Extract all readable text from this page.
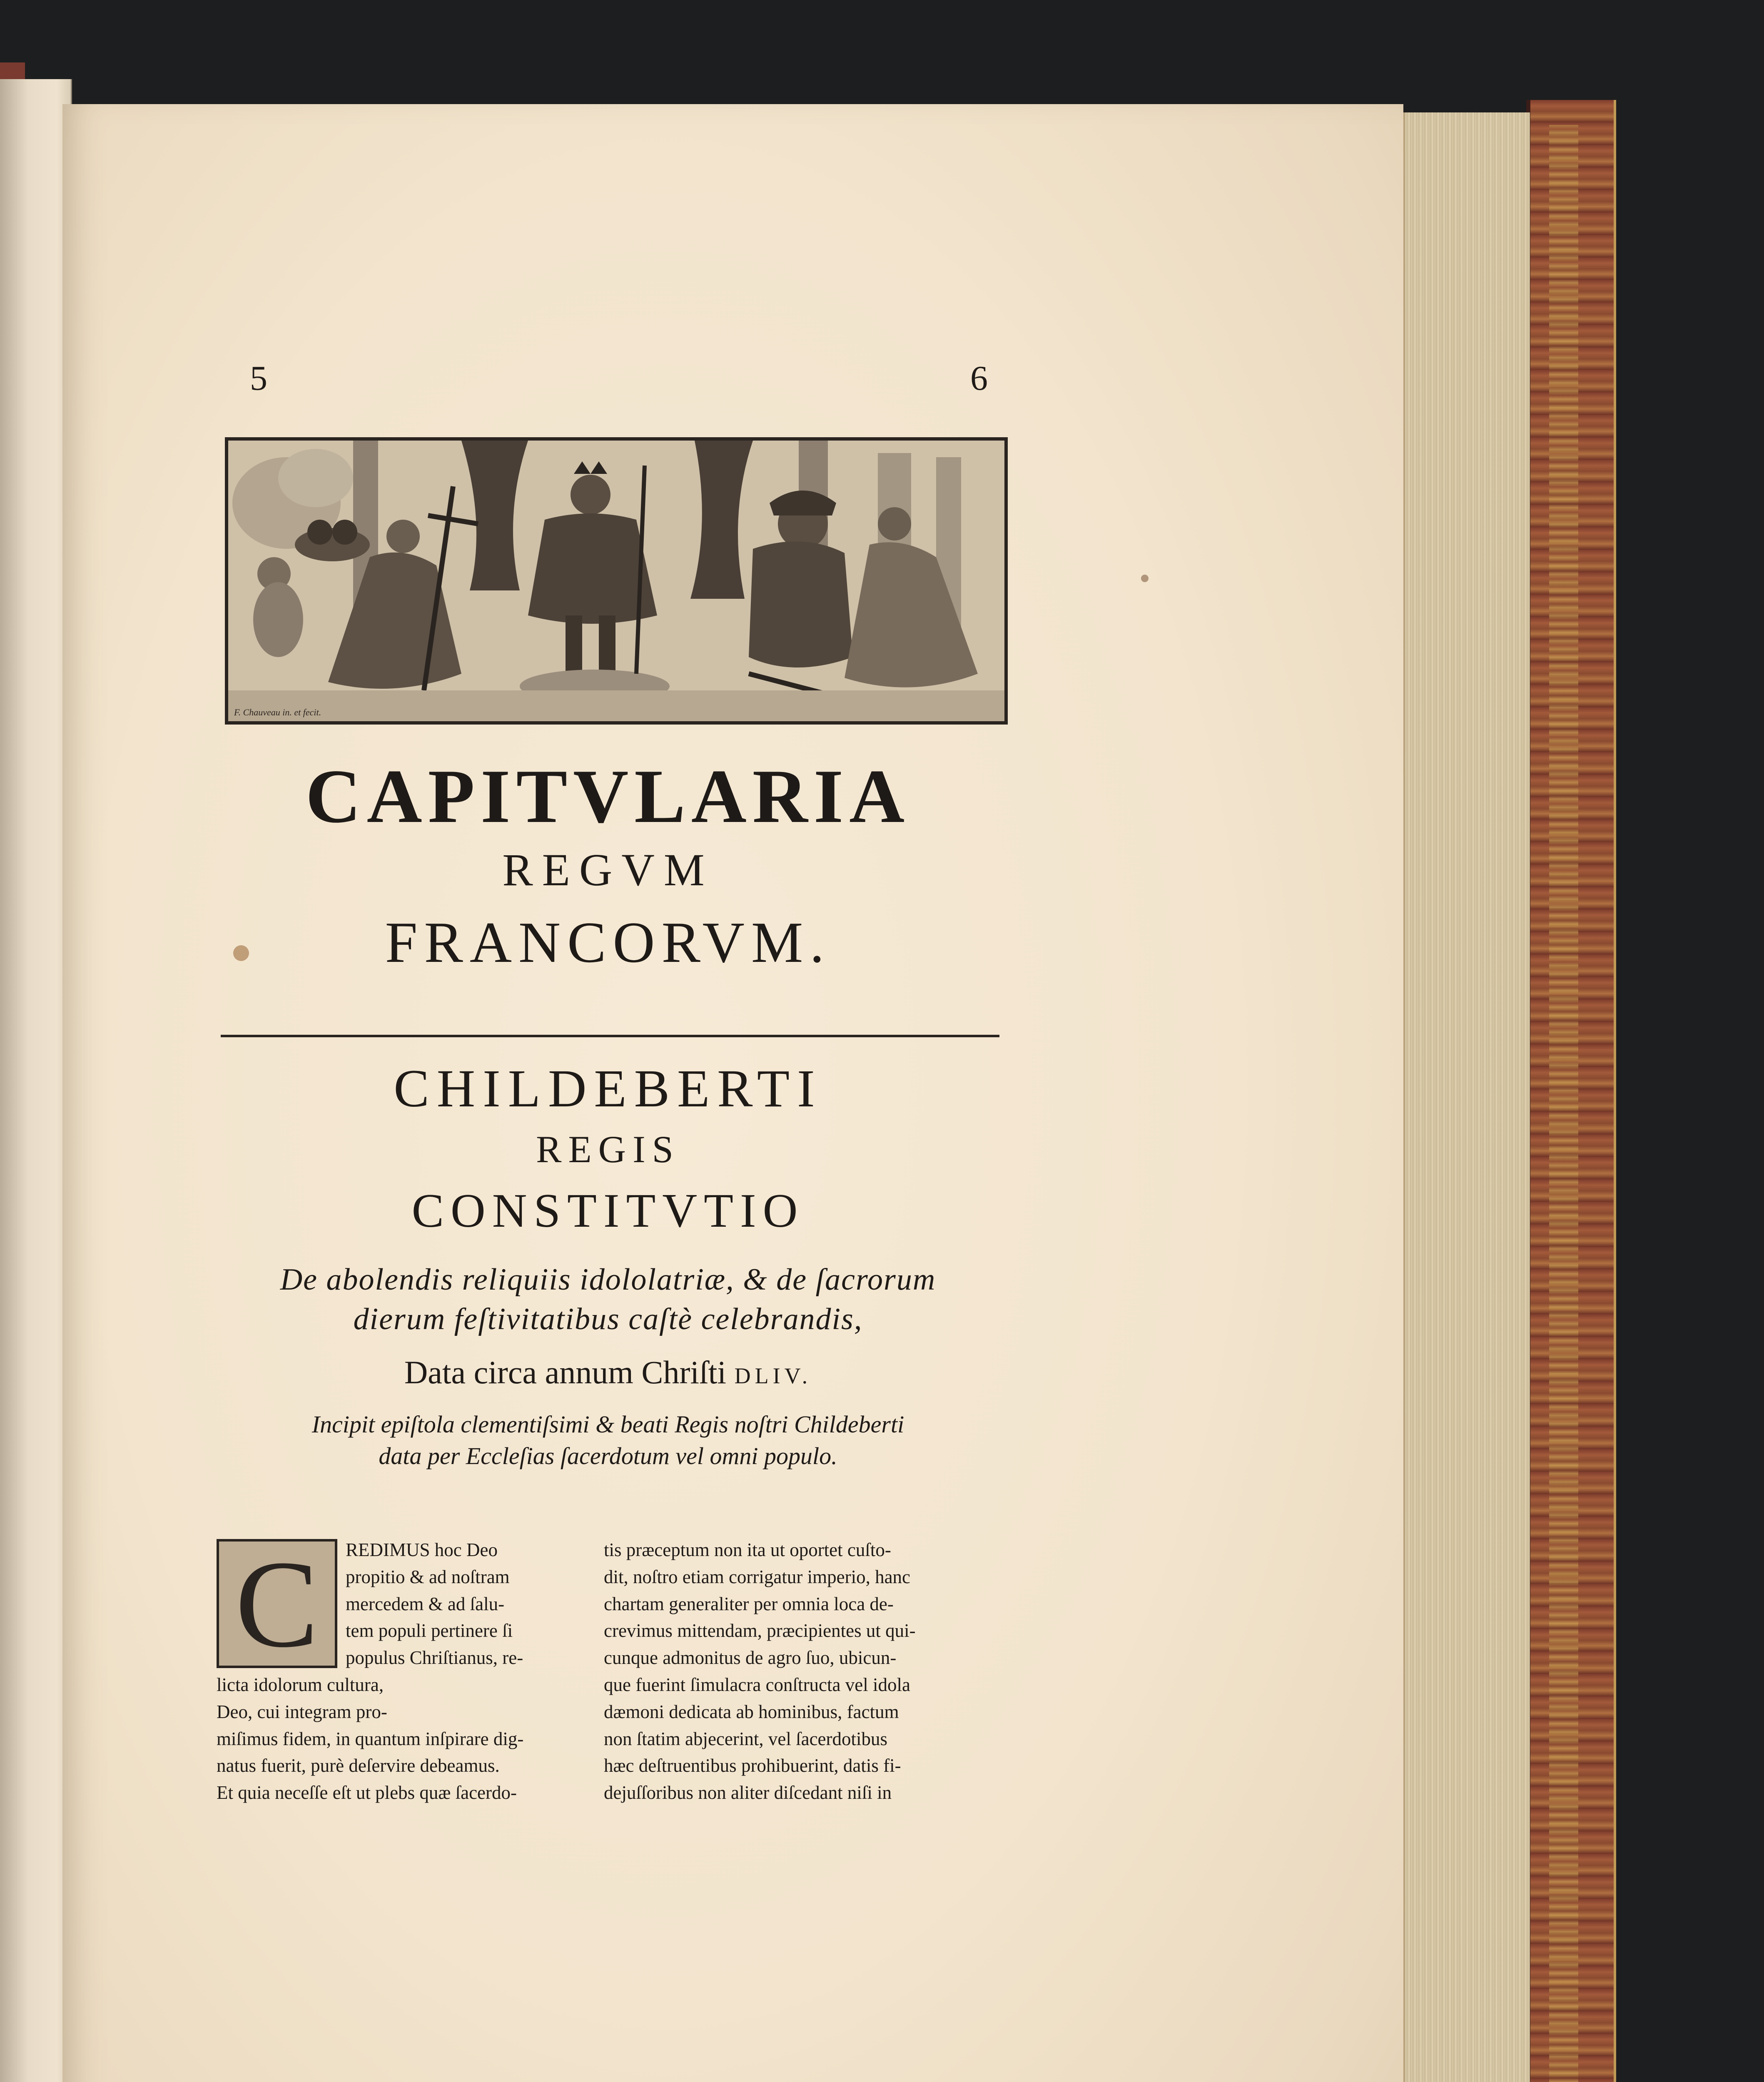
5	6
F. Chauveau in. et fecit.

CAPITVLARIA

REGVM

FRANCORVM.

CHILDEBERTI

REGIS

CONSTITVTIO

De abolendis reliquiis idololatriæ, & de ſacrorum
dierum feſtivitatibus caſtè celebrandis,

Data circa annum Chriſti DLIV.

Incipit epiſtola clementiſsimi & beati Regis noſtri Childeberti
data per Eccleſias ſacerdotum vel omni populo.

C	REDIMUS hoc Deo
propitio & ad noſtram
mercedem & ad ſalu-
tem populi pertinere ſi
populus Chriſtianus, re-
licta idolorum cultura,
Deo, cui integram pro-
miſimus fidem, in quantum inſpirare dig-
natus fuerit, purè deſervire debeamus.
Et quia neceſſe eſt ut plebs quæ ſacerdo-
tis præceptum non ita ut oportet cuſto-
dit, noſtro etiam corrigatur imperio, hanc
chartam generaliter per omnia loca de-
crevimus mittendam, præcipientes ut qui-
cunque admonitus de agro ſuo, ubicun-
que fuerint ſimulacra conſtructa vel idola
dæmoni dedicata ab hominibus, factum
non ſtatim abjecerint, vel ſacerdotibus
hæc deſtruentibus prohibuerint, datis fi-
dejuſſoribus non aliter diſcedant niſi in
